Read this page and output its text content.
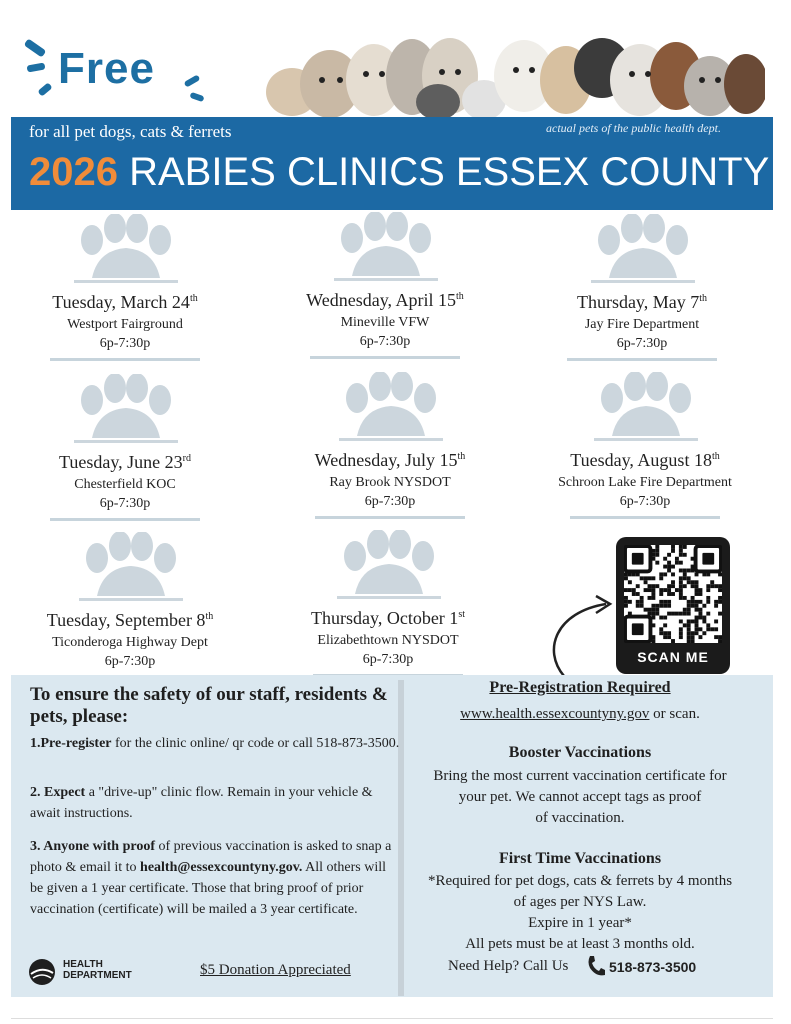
Free
for all pet dogs, cats & ferrets	actual pets of the public health dept.
2026 RABIES CLINICS ESSEX COUNTY
Tuesday, March 24th
Westport Fairground
6p-7:30p
Wednesday, April 15th
Mineville VFW
6p-7:30p
Thursday, May 7th
Jay Fire Department
6p-7:30p
Tuesday, June 23rd
Chesterfield KOC
6p-7:30p
Wednesday, July 15th
Ray Brook NYSDOT
6p-7:30p
Tuesday, August 18th
Schroon Lake Fire Department
6p-7:30p
Tuesday, September 8th
Ticonderoga Highway Dept
6p-7:30p
Thursday, October 1st
Elizabethtown NYSDOT
6p-7:30p	SCAN ME
To ensure the safety of our staff, residents & pets, please:
1.Pre-register for the clinic online/ qr code or call 518-873-3500.
2. Expect a "drive-up" clinic flow. Remain in your vehicle & await instructions.
3. Anyone with proof of previous vaccination is asked to snap a photo & email it to health@essexcountyny.gov. All others will be given a 1 year certificate. Those that bring proof of prior vaccination (certificate) will be mailed a 3 year certificate.
HEALTH
DEPARTMENT	$5 Donation Appreciated
Pre-Registration Required
www.health.essexcountyny.gov or scan.
Booster Vaccinations
Bring the most current vaccination certificate for
your pet. We cannot accept tags as proof
of vaccination.
First Time Vaccinations
*Required for pet dogs, cats & ferrets by 4 months
of ages per NYS Law.
Expire in 1 year*
All pets must be at least 3 months old.
Need Help? Call Us	518-873-3500
